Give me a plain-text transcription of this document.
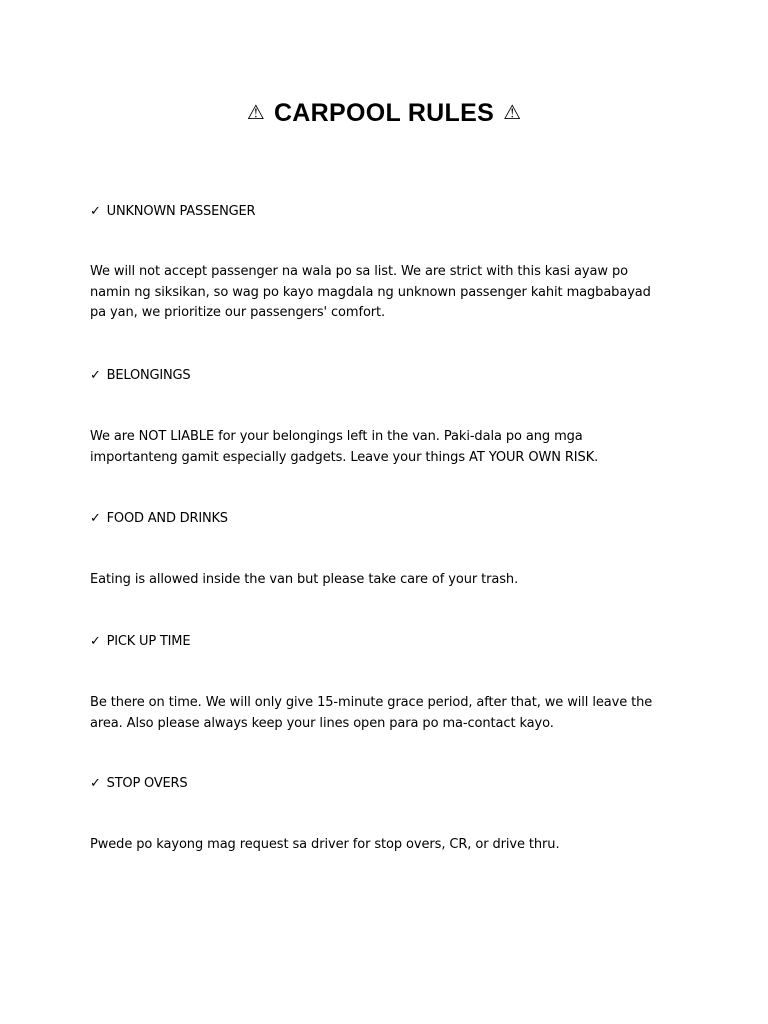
⚠ CARPOOL RULES ⚠

✓ UNKNOWN PASSENGER

We will not accept passenger na wala po sa list. We are strict with this kasi ayaw po namin ng siksikan, so wag po kayo magdala ng unknown passenger kahit magbabayad pa yan, we prioritize our passengers' comfort.

✓ BELONGINGS

We are NOT LIABLE for your belongings left in the van. Paki-dala po ang mga importanteng gamit especially gadgets. Leave your things AT YOUR OWN RISK.

✓ FOOD AND DRINKS

Eating is allowed inside the van but please take care of your trash.

✓ PICK UP TIME

Be there on time. We will only give 15-minute grace period, after that, we will leave the area. Also please always keep your lines open para po ma-contact kayo.

✓ STOP OVERS

Pwede po kayong mag request sa driver for stop overs, CR, or drive thru.
